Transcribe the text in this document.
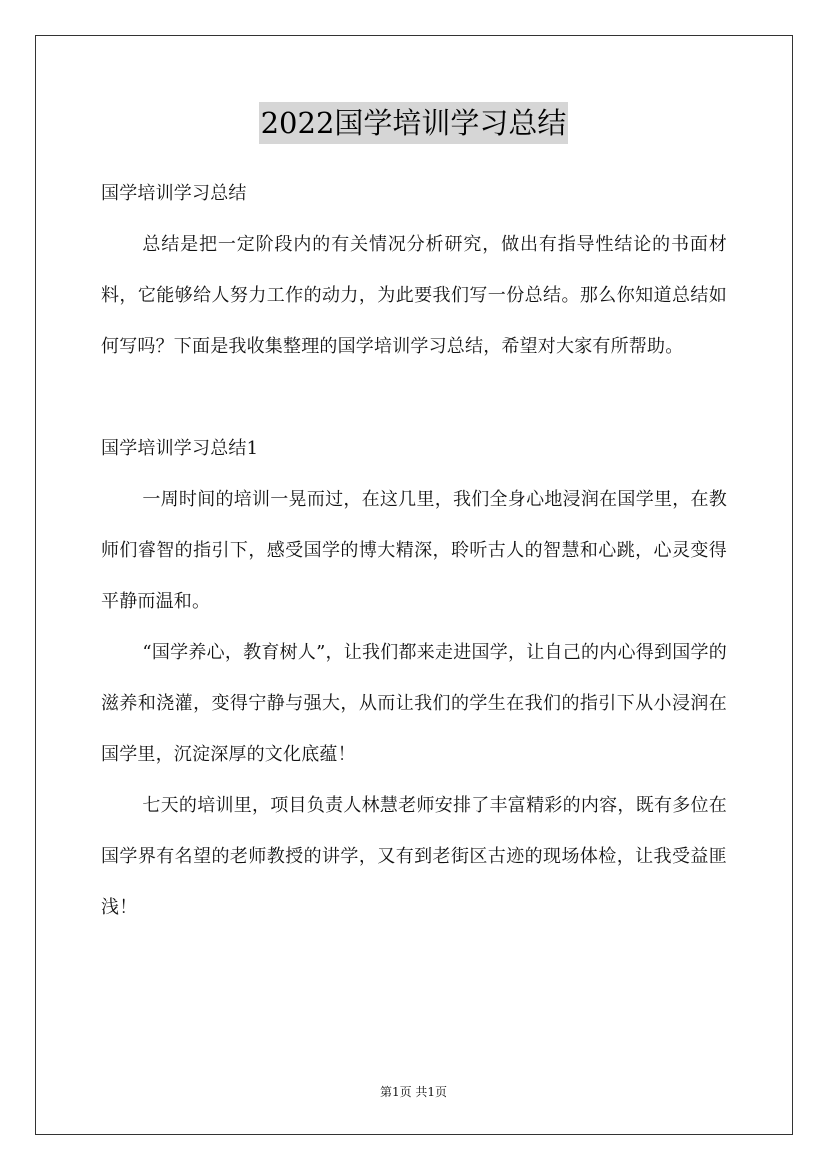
2022国学培训学习总结

国学培训学习总结

总结是把一定阶段内的有关情况分析研究，做出有指导性结论的书面材料，它能够给人努力工作的动力，为此要我们写一份总结。那么你知道总结如何写吗？下面是我收集整理的国学培训学习总结，希望对大家有所帮助。

国学培训学习总结1

一周时间的培训一晃而过，在这几里，我们全身心地浸润在国学里，在教师们睿智的指引下，感受国学的博大精深，聆听古人的智慧和心跳，心灵变得平静而温和。

“国学养心，教育树人”，让我们都来走进国学，让自己的内心得到国学的滋养和浇灌，变得宁静与强大，从而让我们的学生在我们的指引下从小浸润在国学里，沉淀深厚的文化底蕴！

七天的培训里，项目负责人林慧老师安排了丰富精彩的内容，既有多位在国学界有名望的老师教授的讲学，又有到老街区古迹的现场体检，让我受益匪浅！

第1页 共1页
